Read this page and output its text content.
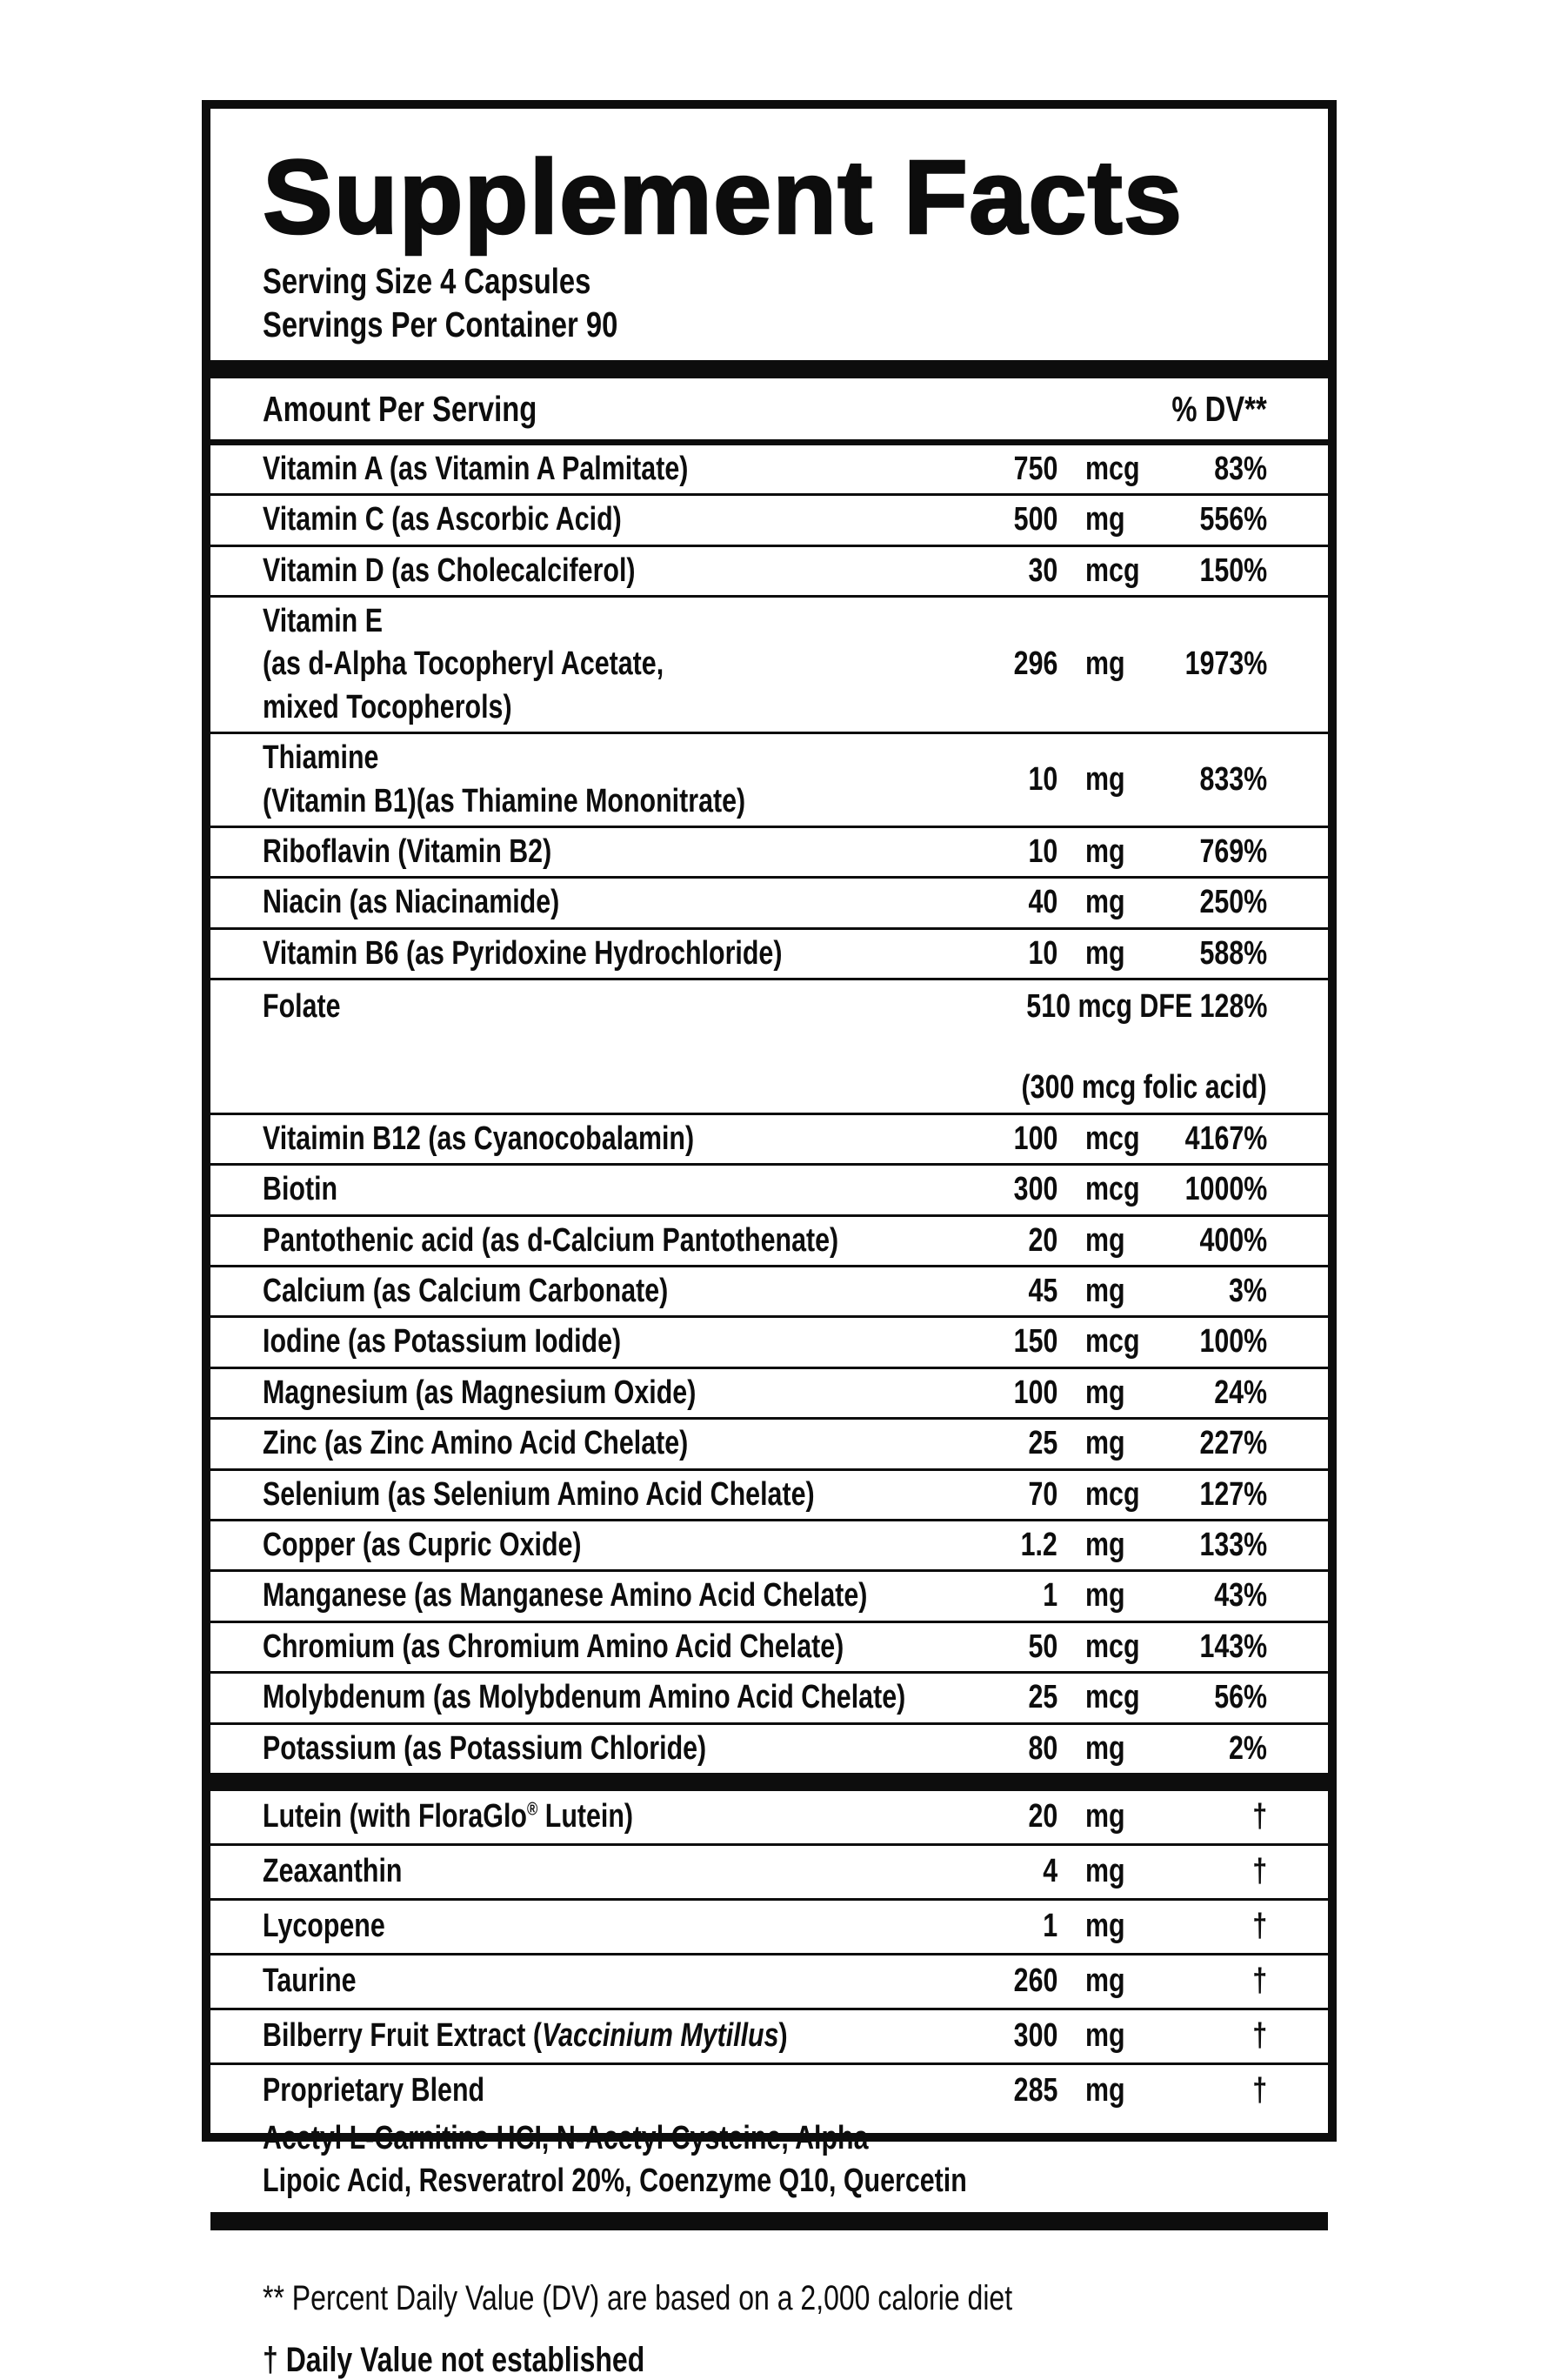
Supplement Facts
Serving Size 4 Capsules
Servings Per Container 90
Amount Per Serving	% DV**
Vitamin A (as Vitamin A Palmitate)	750 mcg	83%
Vitamin C (as Ascorbic Acid)	500 mg	556%
Vitamin D (as Cholecalciferol)	30 mcg	150%
Vitamin E
(as d-Alpha Tocopheryl Acetate,
mixed Tocopherols)
296 mg	1973%
Thiamine
(Vitamin B1)(as Thiamine Mononitrate)
10 mg	833%
Riboflavin (Vitamin B2)	10 mg	769%
Niacin (as Niacinamide)	40 mg	250%
Vitamin B6 (as Pyridoxine Hydrochloride)	10 mg	588%
Folate	510 mcg DFE 128%
(300 mcg folic acid)
Vitaimin B12 (as Cyanocobalamin)	100 mcg	4167%
Biotin	300 mcg	1000%
Pantothenic acid (as d-Calcium Pantothenate)	20 mg	400%
Calcium (as Calcium Carbonate)	45 mg	3%
Iodine (as Potassium Iodide)	150 mcg	100%
Magnesium (as Magnesium Oxide)	100 mg	24%
Zinc (as Zinc Amino Acid Chelate)	25 mg	227%
Selenium (as Selenium Amino Acid Chelate)	70 mcg	127%
Copper (as Cupric Oxide)	1.2 mg	133%
Manganese (as Manganese Amino Acid Chelate)	1 mg	43%
Chromium (as Chromium Amino Acid Chelate)	50 mcg	143%
Molybdenum (as Molybdenum Amino Acid Chelate)	25 mcg	56%
Potassium (as Potassium Chloride)	80 mg	2%
Lutein (with FloraGlo® Lutein)	20 mg	†
Zeaxanthin	4 mg	†
Lycopene	1 mg	†
Taurine	260 mg	†
Bilberry Fruit Extract (Vaccinium Mytillus)	300 mg	†
Proprietary Blend	285 mg	†
Acetyl L-Carnitine HCI, N-Acetyl Cysteine, Alpha
Lipoic Acid, Resveratrol 20%, Coenzyme Q10, Quercetin
** Percent Daily Value (DV) are based on a 2,000 calorie diet
† Daily Value not established
